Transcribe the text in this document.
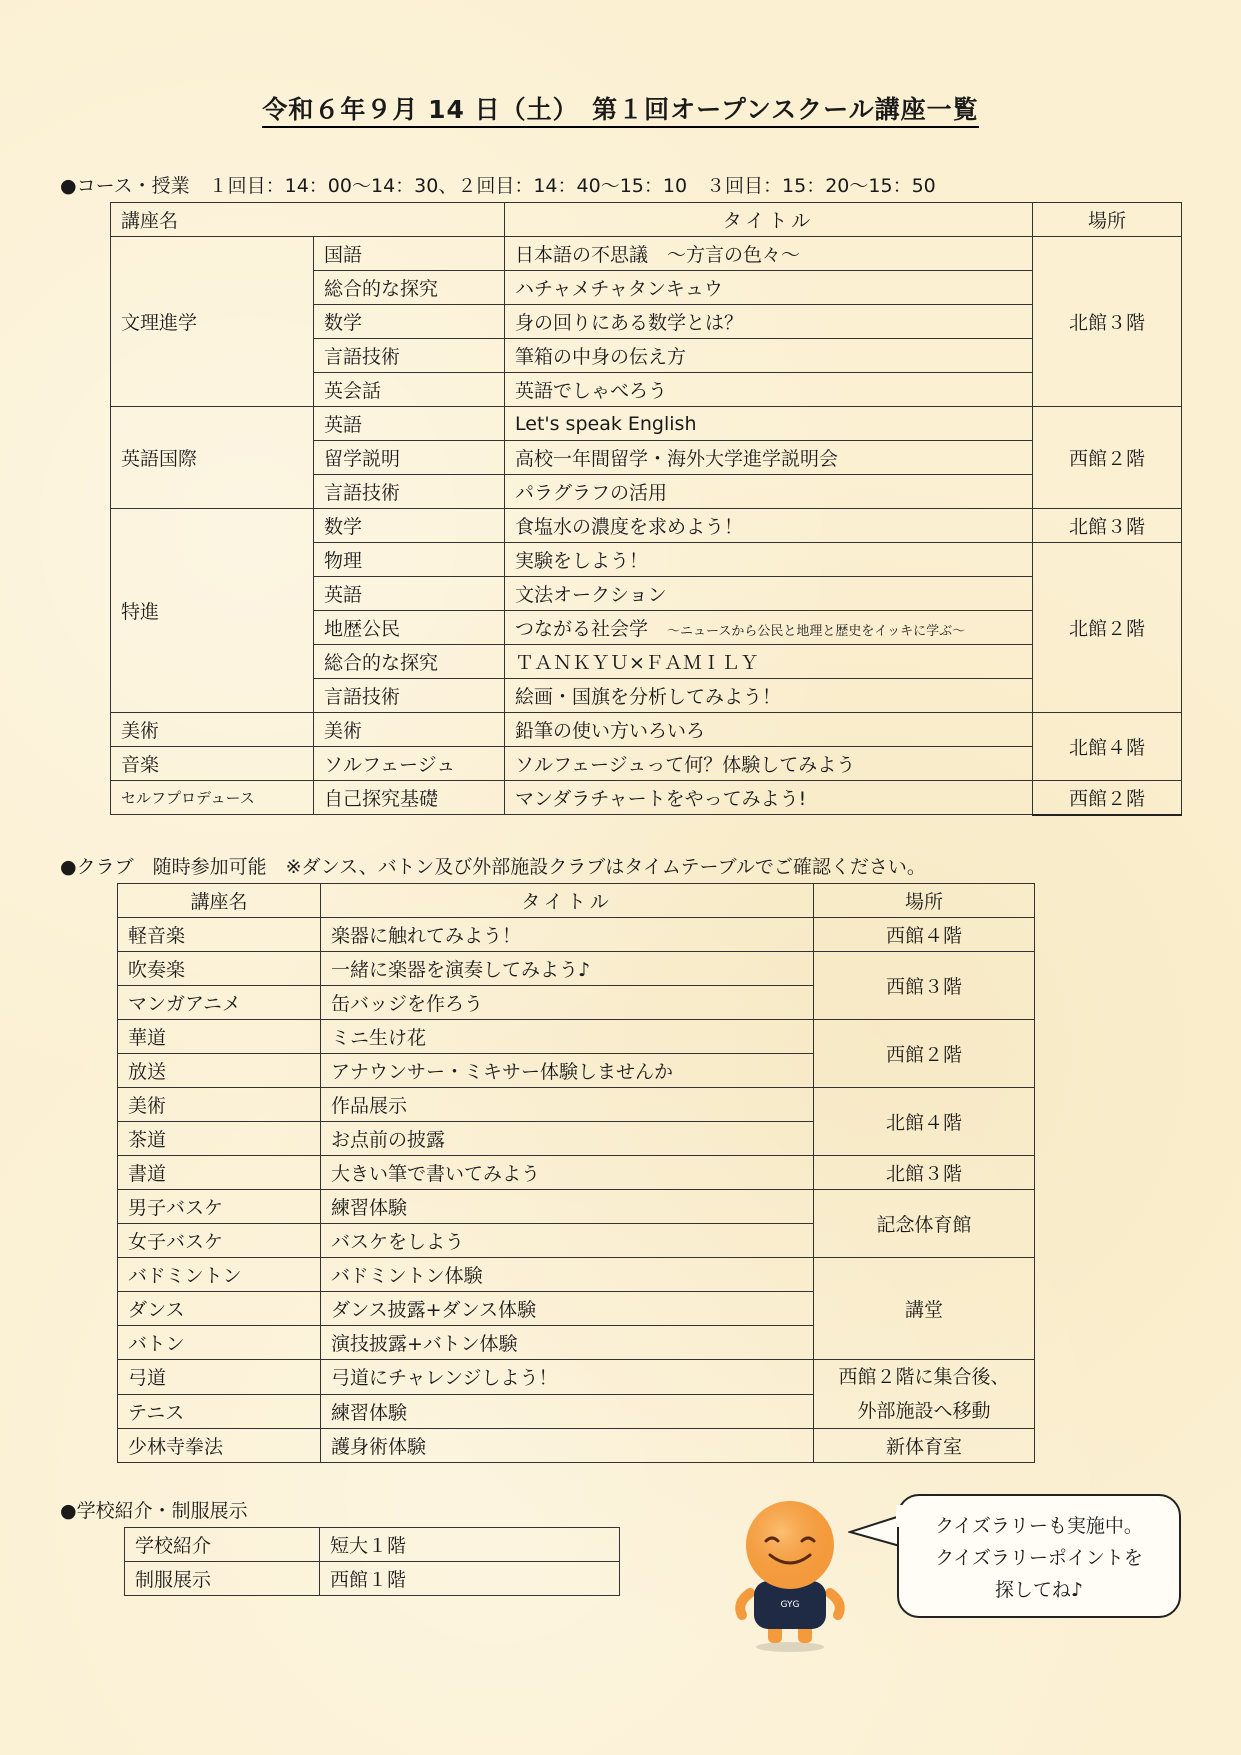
令和６年９月 14 日（土）　第１回オープンスクール講座一覧
●コース・授業　１回目：14：00～14：30、２回目：14：40～15：10　３回目：15：20～15：50
講座名		タイトル	場所
文理進学	国語	日本語の不思議　～方言の色々～	北館３階
	総合的な探究	ハチャメチャタンキュウ	
	数学	身の回りにある数学とは？	
	言語技術	筆箱の中身の伝え方	
	英会話	英語でしゃべろう	
英語国際	英語	Let's speak English	西館２階
	留学説明	高校一年間留学・海外大学進学説明会	
	言語技術	パラグラフの活用	
特進	数学	食塩水の濃度を求めよう！	北館３階
	物理	実験をしよう！	北館２階
	英語	文法オークション	
	地歴公民	つながる社会学　 ～ニュースから公民と地理と歴史をイッキに学ぶ～	
	総合的な探究	ＴＡＮＫＹＵ×ＦＡＭＩＬＹ	
	言語技術	絵画・国旗を分析してみよう！	
美術	美術	鉛筆の使い方いろいろ	北館４階
音楽	ソルフェージュ	ソルフェージュって何？体験してみよう	
セルフプロデュース	自己探究基礎	マンダラチャートをやってみよう!	西館２階
●クラブ　随時参加可能　※ダンス、バトン及び外部施設クラブはタイムテーブルでご確認ください。
講座名	タイトル	場所
軽音楽	楽器に触れてみよう！	西館４階
吹奏楽	一緒に楽器を演奏してみよう♪	西館３階
マンガアニメ	缶バッジを作ろう	
華道	ミニ生け花	西館２階
放送	アナウンサー・ミキサー体験しませんか	
美術	作品展示	北館４階
茶道	お点前の披露	
書道	大きい筆で書いてみよう	北館３階
男子バスケ	練習体験	記念体育館
女子バスケ	バスケをしよう	
バドミントン	バドミントン体験	講堂
ダンス	ダンス披露+ダンス体験	
バトン	演技披露+バトン体験	
弓道	弓道にチャレンジしよう！	西館２階に集合後、
外部施設へ移動

テニス	練習体験	
少林寺拳法	護身術体験	新体育室
●学校紹介・制服展示
学校紹介	短大１階
制服展示	西館１階
GYG
クイズラリーも実施中。
クイズラリーポイントを
探してね♪
